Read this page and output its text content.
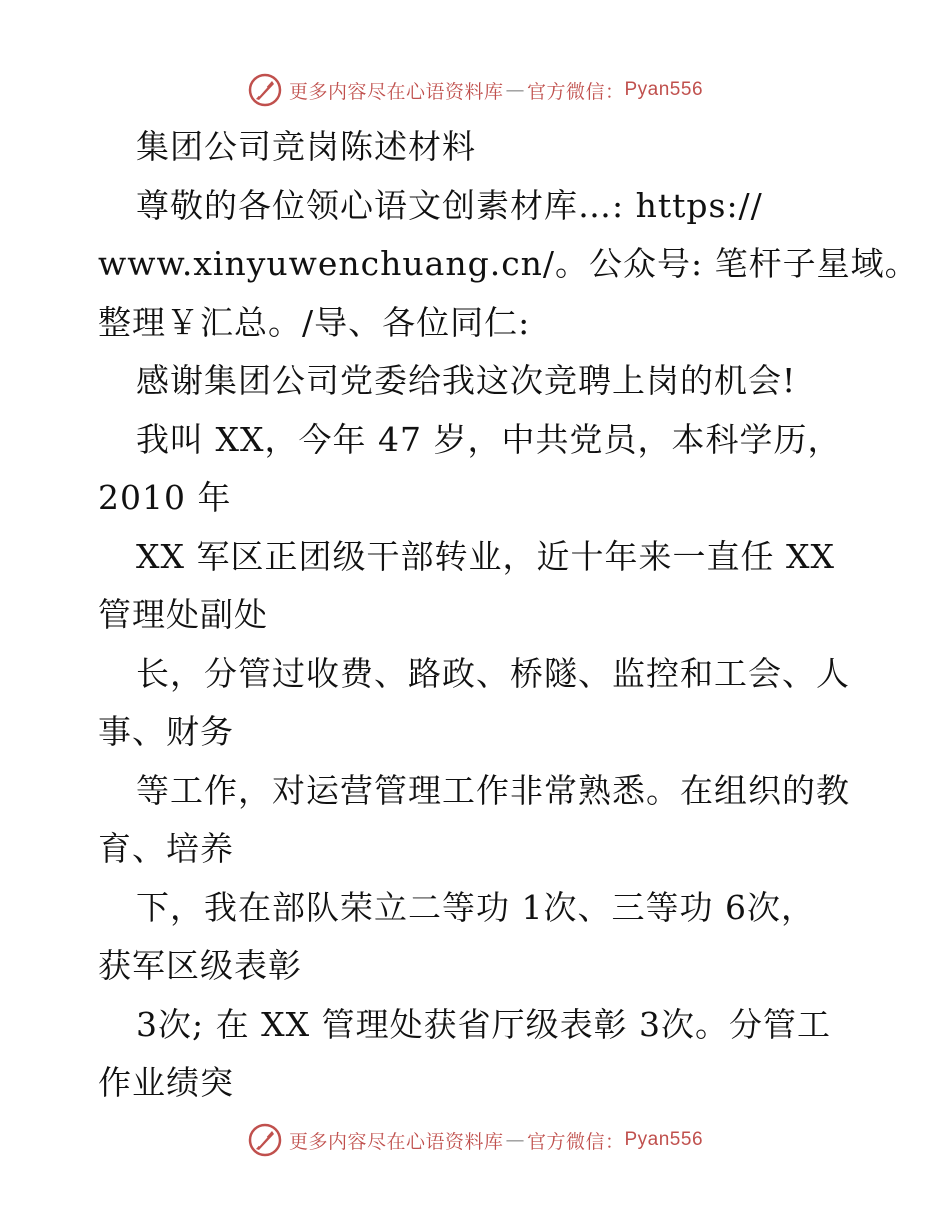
更多内容尽在心语资料库 — 官方微信： Pyan556
集团公司竞岗陈述材料
尊敬的各位领心语文创素材库…: https://
www.xinyuwenchuang.cn/。公众号: 笔杆子星域。
整理￥汇总。/导、各位同仁:
感谢集团公司党委给我这次竞聘上岗的机会!
我叫 XX，今年 47 岁，中共党员，本科学历，
2010 年
XX 军区正团级干部转业，近十年来一直任 XX
管理处副处
长，分管过收费、路政、桥隧、监控和工会、人
事、财务
等工作，对运营管理工作非常熟悉。在组织的教
育、培养
下，我在部队荣立二等功 1次、三等功 6次，
获军区级表彰
3次; 在 XX 管理处获省厅级表彰 3次。分管工
作业绩突
更多内容尽在心语资料库 — 官方微信： Pyan556
